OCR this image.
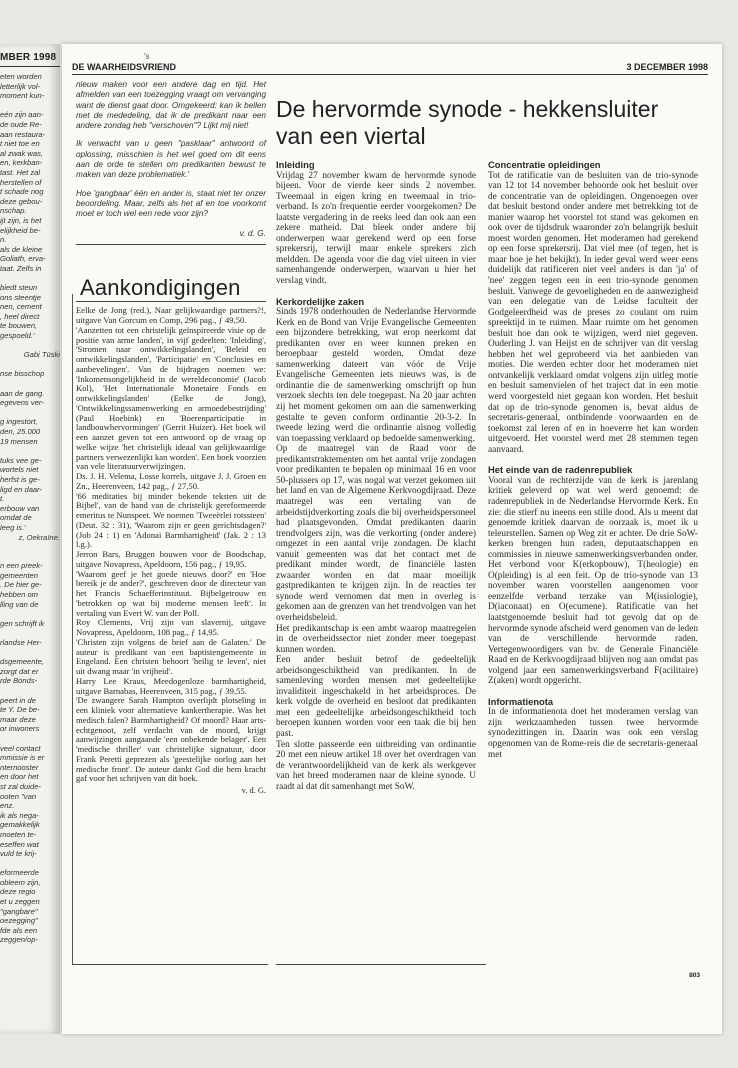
MBER 1998
eten worden
letterlijk vol-
moment kun-
eén zijn aan-
de oude Re-
aan restaura-
t niet toe en
al zwak was,
en, kerkban-
tast. Het zal
herstellen of
t schade nog
deze gebou-
nschap.
ijt zijn, is het
elijkheid be-
n.
als de kleine
Goliath, erva-
taat. Zelfs in
biedt steun
ons steentje
nen, cement
, heel direct
te bouwen,
gespoeld.'
Gabi Tüski
nse bisschop
aan de gang.
egevens ver-
g ingestort,
den, 25.000
19 mensen
tuks vee ge-
wortels niet
herfst is ge-
ligd en daar-
t.
erbouw van
omdat de
leeg is.'
z, Oekraïne.
n een preek-
gemeenten
. De hier ge-
hebben om
lling van de
gen schrijft ik
rlandse Her-
dsgemeente,
zorgt dat er
rde Bonds-
peert in de
te Y. De be-
maar deze
or inwoners
veel contact
mmissie is er
nternooster
en door het
st zal duide-
ooten "van
enz.
ik als nega-
gemakkelijk
moeten te-
eseffen wat
vuld te krij-
eformeerde
obleem zijn,
deze regio
et u zeggen
"gangbare"
oezegging"
fde als een
zeggen/op-
's
DE WAARHEIDSVRIEND	3 DECEMBER 1998

nieuw maken voor een andere dag en tijd. Het afmelden van een toezegging vraagt om vervanging want de dienst gaat door. Omgekeerd: kan ik bellen met de mededeling, dat ik de predikant naar een andere zondag heb "verschoven"? Lijkt mij niet!

Ik verwacht van u geen "pasklaar" antwoord of oplossing, misschien is het wel goed om dit eens aan de orde te stellen om predikanten bewust te maken van deze problematiek.'

Hoe 'gangbaar' één en ander is, staat niet ter onzer beoordeling. Maar, zelfs als het af en toe voorkomt moet er toch wel een rede voor zijn?

v. d. G.
Aankondigingen

Eelke de Jong (red.), Naar gelijkwaardige partners?!, uitgave Van Gorcum en Comp, 296 pag., ƒ 49,50.

'Aanzetten tot een christelijk geïnspireerde visie op de positie van arme landen', in vijf gedeelten: 'Inleiding', 'Stromen naar ontwikkelingslanden', 'Beleid en ontwikkelingslanden', 'Participatie' en 'Conclusies en aanbevelingen'. Van de bijdragen noemen we: 'Inkomensongelijkheid in de wereldeconomie' (Jacob Kol), 'Het Internationale Monetaire Fonds en ontwikkelingslanden' (Eelke de Jong), 'Ontwikkelingssamenwerking en armoedebestrijding' (Paul Hoebink) en 'Boerenparticipatie in landbouwhervormingen' (Gerrit Huizer). Het boek wil een aanzet geven tot een antwoord op de vraag op welke wijze 'het christelijk ideaal van gelijkwaardige partners verwezenlijkt kan worden'. Een boek voorzien van vele literatuurverwijzingen.

Ds. J. H. Velema, Losse korrels, uitgave J. J. Groen en Zn., Heerenveen, 142 pag., ƒ 27,50.

'66 meditaties bij minder bekende teksten uit de Bijbel', van de hand van de christelijk gereformeerde emeritus te Nunspeet. We noemen 'Tweeërlei rotssteen' (Deut. 32 : 31), 'Waarom zijn er geen gerichtsdagen?' (Job 24 : 1) en 'Adonai Barmhartigheid' (Jak. 2 : 13 l.g.).

Jerron Bars, Bruggen bouwen voor de Boodschap, uitgave Novapress, Apeldoorn, 156 pag., ƒ 19,95.

'Waarom geef je het goede nieuws door?' en 'Hoe bereik je de ander?', geschreven door de directeur van het Francis Schaefferinstituut. Bijbelgetrouw en 'betrokken op wat bij moderne mensen leeft'. In vertaling van Evert W. van der Poll.

Roy Clements, Vrij zijn van slavernij, uitgave Novapress, Apeldoorn, 108 pag., ƒ 14,95.

'Christen zijn volgens de brief aan de Galaten.' De auteur is predikant van een baptistengemeente in Engeland. Een christen behoort 'heilig te leven', niet uit dwang maar 'in vrijheid'.

Harry Lee Kraus, Meedogenloze barmhartigheid, uitgave Barnabas, Heerenveen, 315 pag., ƒ 39,55.

'De zwangere Sarah Hampton overlijdt plotseling in een kliniek voor alternatieve kankertherapie. Was het medisch falen? Barmhartigheid? Of moord? Haar arts-echtgenoot, zelf verdacht van de moord, krijgt aanwijzingen aangaande 'een onbekende belager'. Een 'medische thriller' van christelijke signatuur, door Frank Peretti geprezen als 'geestelijke oorlog aan het medische front'. De auteur dankt God die hem kracht gaf voor het schrijven van dit boek.

v. d. G.
De hervormde synode - hekkensluiter van een viertal

Inleiding

Vrijdag 27 november kwam de hervormde synode bijeen. Voor de vierde keer sinds 2 november. Tweemaal in eigen kring en tweemaal in trio-verband. Is zo'n frequentie eerder voorgekomen? De laatste vergadering in de reeks leed dan ook aan een zekere matheid. Dat bleek onder andere bij onderwerpen waar gerekend werd op een forse sprekersrij, terwijl maar enkele sprekers zich meldden. De agenda voor die dag viel uiteen in vier samenhangende onderwerpen, waarvan u hier het verslag vindt.

Kerkordelijke zaken

Sinds 1978 onderhouden de Nederlandse Hervormde Kerk en de Bond van Vrije Evangelische Gemeenten een bijzondere betrekking, wat erop neerkomt dat predikanten over en weer kunnen preken en beroepbaar gesteld worden. Omdat deze samenwerking dateert van vóór de Vrije Evangelische Gemeenten iets nieuws was, is de ordinantie die de samenwerking omschrijft op hun verzoek slechts ten dele toegepast. Na 20 jaar achten zij het moment gekomen om aan die samenwerking gestalte te geven conform ordinantie 20-3-2. In tweede lezing werd die ordinantie alsnog volledig van toepassing verklaard op bedoelde samenwerking.

Op de maatregel van de Raad voor de predikantstraktementen om het aantal vrije zondagen voor predikanten te bepalen op minimaal 16 en voor 50-plussers op 17, was nogal wat verzet gekomen uit het land en van de Algemene Kerkvoogdijraad. Deze maatregel was een vertaling van de arbeidstijdverkorting zoals die bij overheidspersoneel had plaatsgevonden. Omdat predikanten daarin trendvolgers zijn, was die verkorting (onder andere) omgezet in een aantal vrije zondagen. De klacht vanuit gemeenten was dat het contact met de predikant minder wordt, de financiële lasten zwaarder worden en dat maar moeilijk gastpredikanten te krijgen zijn. In de reacties ter synode werd vernomen dat men in overleg is gekomen aan de grenzen van het trendvolgen van het overheidsbeleid.

Het predikantschap is een ambt waarop maatregelen in de overheidssector niet zonder meer toegepast kunnen worden.

Een ander besluit betrof de gedeeltelijk arbeidsongeschiktheid van predikanten. In de samenleving worden mensen met gedeeltelijke invaliditeit ingeschakeld in het arbeidsproces. De kerk volgde de overheid en besloot dat predikanten met een gedeeltelijke arbeidsongeschiktheid toch beroepen kunnen worden voor een taak die bij hen past.

Ten slotte passeerde een uitbreiding van ordinantie 20 met een nieuw artikel 18 over het overdragen van de verantwoordelijkheid van de kerk als werkgever van het breed moderamen naar de kleine synode. U raadt al dat dit samenhangt met SoW.

Concentratie opleidingen

Tot de ratificatie van de besluiten van de trio-synode van 12 tot 14 november behoorde ook het besluit over de concentratie van de opleidingen. Ongenoegen over dat besluit bestond onder andere met betrekking tot de manier waarop het voorstel tot stand was gekomen en ook over de tijdsdruk waaronder zo'n belangrijk besluit moest worden genomen. Het moderamen had gerekend op een forse sprekersrij. Dat viel mee (of tegen, het is maar hoe je het bekijkt). In ieder geval werd weer eens duidelijk dat ratificeren niet veel anders is dan 'ja' of 'nee' zeggen tegen een in een trio-synode genomen besluit. Vanwege de gevoeligheden en de aanwezigheid van een delegatie van de Leidse faculteit der Godgeleerdheid was de preses zo coulant om ruim spreektijd in te ruimen. Maar ruimte om het genomen besluit hoe dan ook te wijzigen, werd niet gegeven. Ouderling J. van Heijst en de schrijver van dit verslag hebben het wel geprobeerd via het aanbieden van moties. Die werden echter door het moderamen niet ontvankelijk verklaard omdat volgens zijn uitleg motie en besluit samenvielen of het traject dat in een motie werd voorgesteld niet gegaan kon worden. Het besluit dat op de trio-synode genomen is, bevat aldus de secretaris-generaal, ontbindende voorwaarden en de toekomst zal leren of en in hoeverre het kan worden uitgevoerd. Het voorstel werd met 28 stemmen tegen aanvaard.

Het einde van de radenrepubliek

Vooral van de rechterzijde van de kerk is jarenlang kritiek geleverd op wat wel werd genoemd: de radenrepubliek in de Nederlandse Hervormde Kerk. En zie: die stierf nu ineens een stille dood. Als u meent dat genoemde kritiek daarvan de oorzaak is, moet ik u teleurstellen. Samen op Weg zit er achter. De drie SoW-kerken brengen hun raden, deputaatschappen en commissies in nieuwe samenwerkingsverbanden onder. Het verbond voor K(erkopbouw), T(heologie) en O(pleiding) is al een feit. Op de trio-synode van 13 november waren voorstellen aangenomen voor eenzelfde verband terzake van M(issiologie), D(iaconaat) en O(ecumene). Ratificatie van het laatstgenoemde besluit had tot gevolg dat op de hervormde synode afscheid werd genomen van de leden van de verschillende hervormde raden. Vertegenwoordigers van bv. de Generale Financiële Raad en de Kerkvoogdijraad blijven nog aan omdat pas volgend jaar een samenwerkingsverband F(acilitaire) Z(aken) wordt opgericht.

Informatienota

In de informatienota doet het moderamen verslag van zijn werkzaamheden tussen twee hervormde synodezittingen in. Daarin was ook een verslag opgenomen van de Rome-reis die de secretaris-generaal met

803
